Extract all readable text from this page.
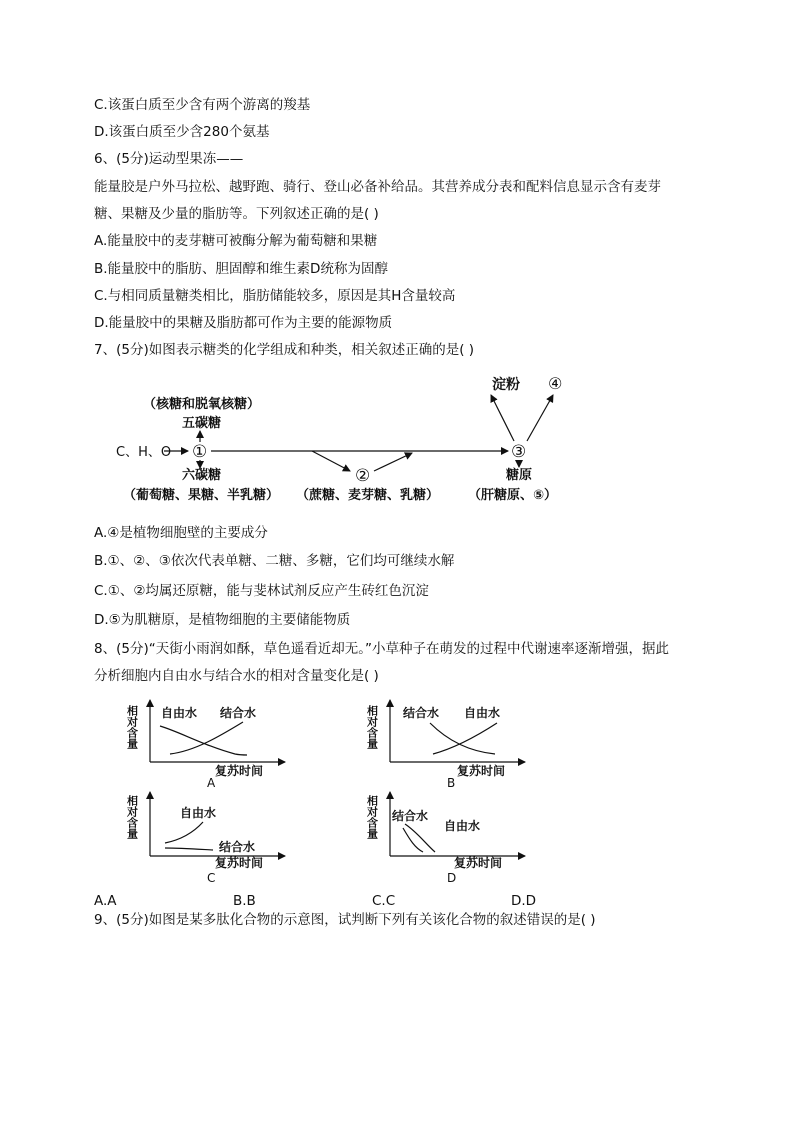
C.该蛋白质至少含有两个游离的羧基
D.该蛋白质至少含280个氨基
6、(5分)运动型果冻——
能量胶是户外马拉松、越野跑、骑行、登山必备补给品。其营养成分表和配料信息显示含有麦芽
糖、果糖及少量的脂肪等。下列叙述正确的是( )
A.能量胶中的麦芽糖可被酶分解为葡萄糖和果糖
B.能量胶中的脂肪、胆固醇和维生素D统称为固醇
C.与相同质量糖类相比，脂肪储能较多，原因是其H含量较高
D.能量胶中的果糖及脂肪都可作为主要的能源物质
7、(5分)如图表示糖类的化学组成和种类，相关叙述正确的是( )
淀粉 ④
（核糖和脱氧核糖）
五碳糖
C、H、O ①	③
②
六碳糖	糖原
（葡萄糖、果糖、半乳糖） （蔗糖、麦芽糖、乳糖） （肝糖原、⑤）
A.④是植物细胞壁的主要成分
B.①、②、③依次代表单糖、二糖、多糖，它们均可继续水解
C.①、②均属还原糖，能与斐林试剂反应产生砖红色沉淀
D.⑤为肌糖原，是植物细胞的主要储能物质
8、(5分)“天街小雨润如酥，草色遥看近却无。”小草种子在萌发的过程中代谢速率逐渐增强，据此
分析细胞内自由水与结合水的相对含量变化是( )
相对含量 自由水 结合水
复苏时间
A
相对含量 结合水 自由水
复苏时间
B
相对含量	自由水
结合水
复苏时间
C
相对含量 结合水
自由水
复苏时间
D
A.A	B.B	C.C	D.D
9、(5分)如图是某多肽化合物的示意图，试判断下列有关该化合物的叙述错误的是( )
